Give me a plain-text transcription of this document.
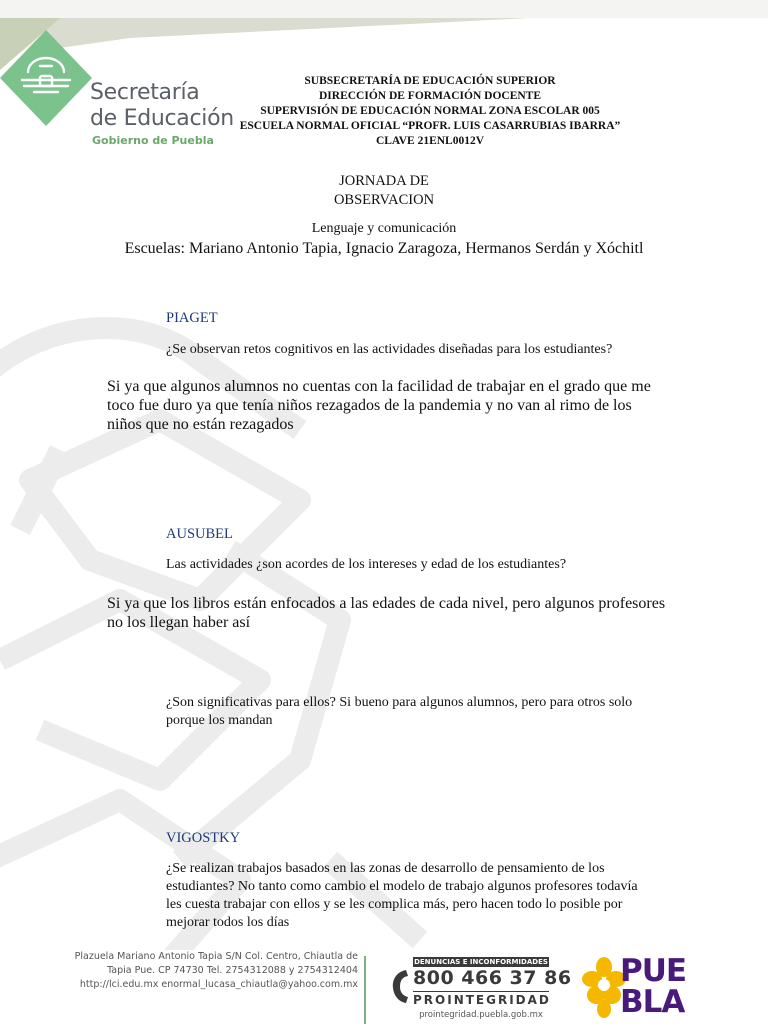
Secretaría
de Educación
Gobierno de Puebla
SUBSECRETARÍA DE EDUCACIÓN SUPERIOR
DIRECCIÓN DE FORMACIÓN DOCENTE
SUPERVISIÓN DE EDUCACIÓN NORMAL ZONA ESCOLAR 005
ESCUELA NORMAL OFICIAL “PROFR. LUIS CASARRUBIAS IBARRA”
CLAVE 21ENL0012V
JORNADA DE
OBSERVACION
Lenguaje y comunicación
Escuelas: Mariano Antonio Tapia, Ignacio Zaragoza, Hermanos Serdán y Xóchitl
PIAGET
¿Se observan retos cognitivos en las actividades diseñadas para los estudiantes?
Si ya que algunos alumnos no cuentas con la facilidad de trabajar en el grado que me toco fue duro ya que tenía niños rezagados de la pandemia y no van al rimo de los niños que no están rezagados
AUSUBEL
Las actividades ¿son acordes de los intereses y edad de los estudiantes?
Si ya que los libros están enfocados a las edades de cada nivel, pero algunos profesores no los llegan haber así
¿Son significativas para ellos? Si bueno para algunos alumnos, pero para otros solo porque los mandan
VIGOSTKY
¿Se realizan trabajos basados en las zonas de desarrollo de pensamiento de los estudiantes? No tanto como cambio el modelo de trabajo algunos profesores todavía les cuesta trabajar con ellos y se les complica más, pero hacen todo lo posible por mejorar todos los días
Plazuela Mariano Antonio Tapia S/N Col. Centro, Chiautla de
Tapia Pue. CP 74730 Tel. 2754312088 y 2754312404
http://lci.edu.mx enormal_lucasa_chiautla@yahoo.com.mx
DENUNCIAS E INCONFORMIDADES
800 466 37 86
PROINTEGRIDAD
prointegridad.puebla.gob.mx
PUE
BLA
